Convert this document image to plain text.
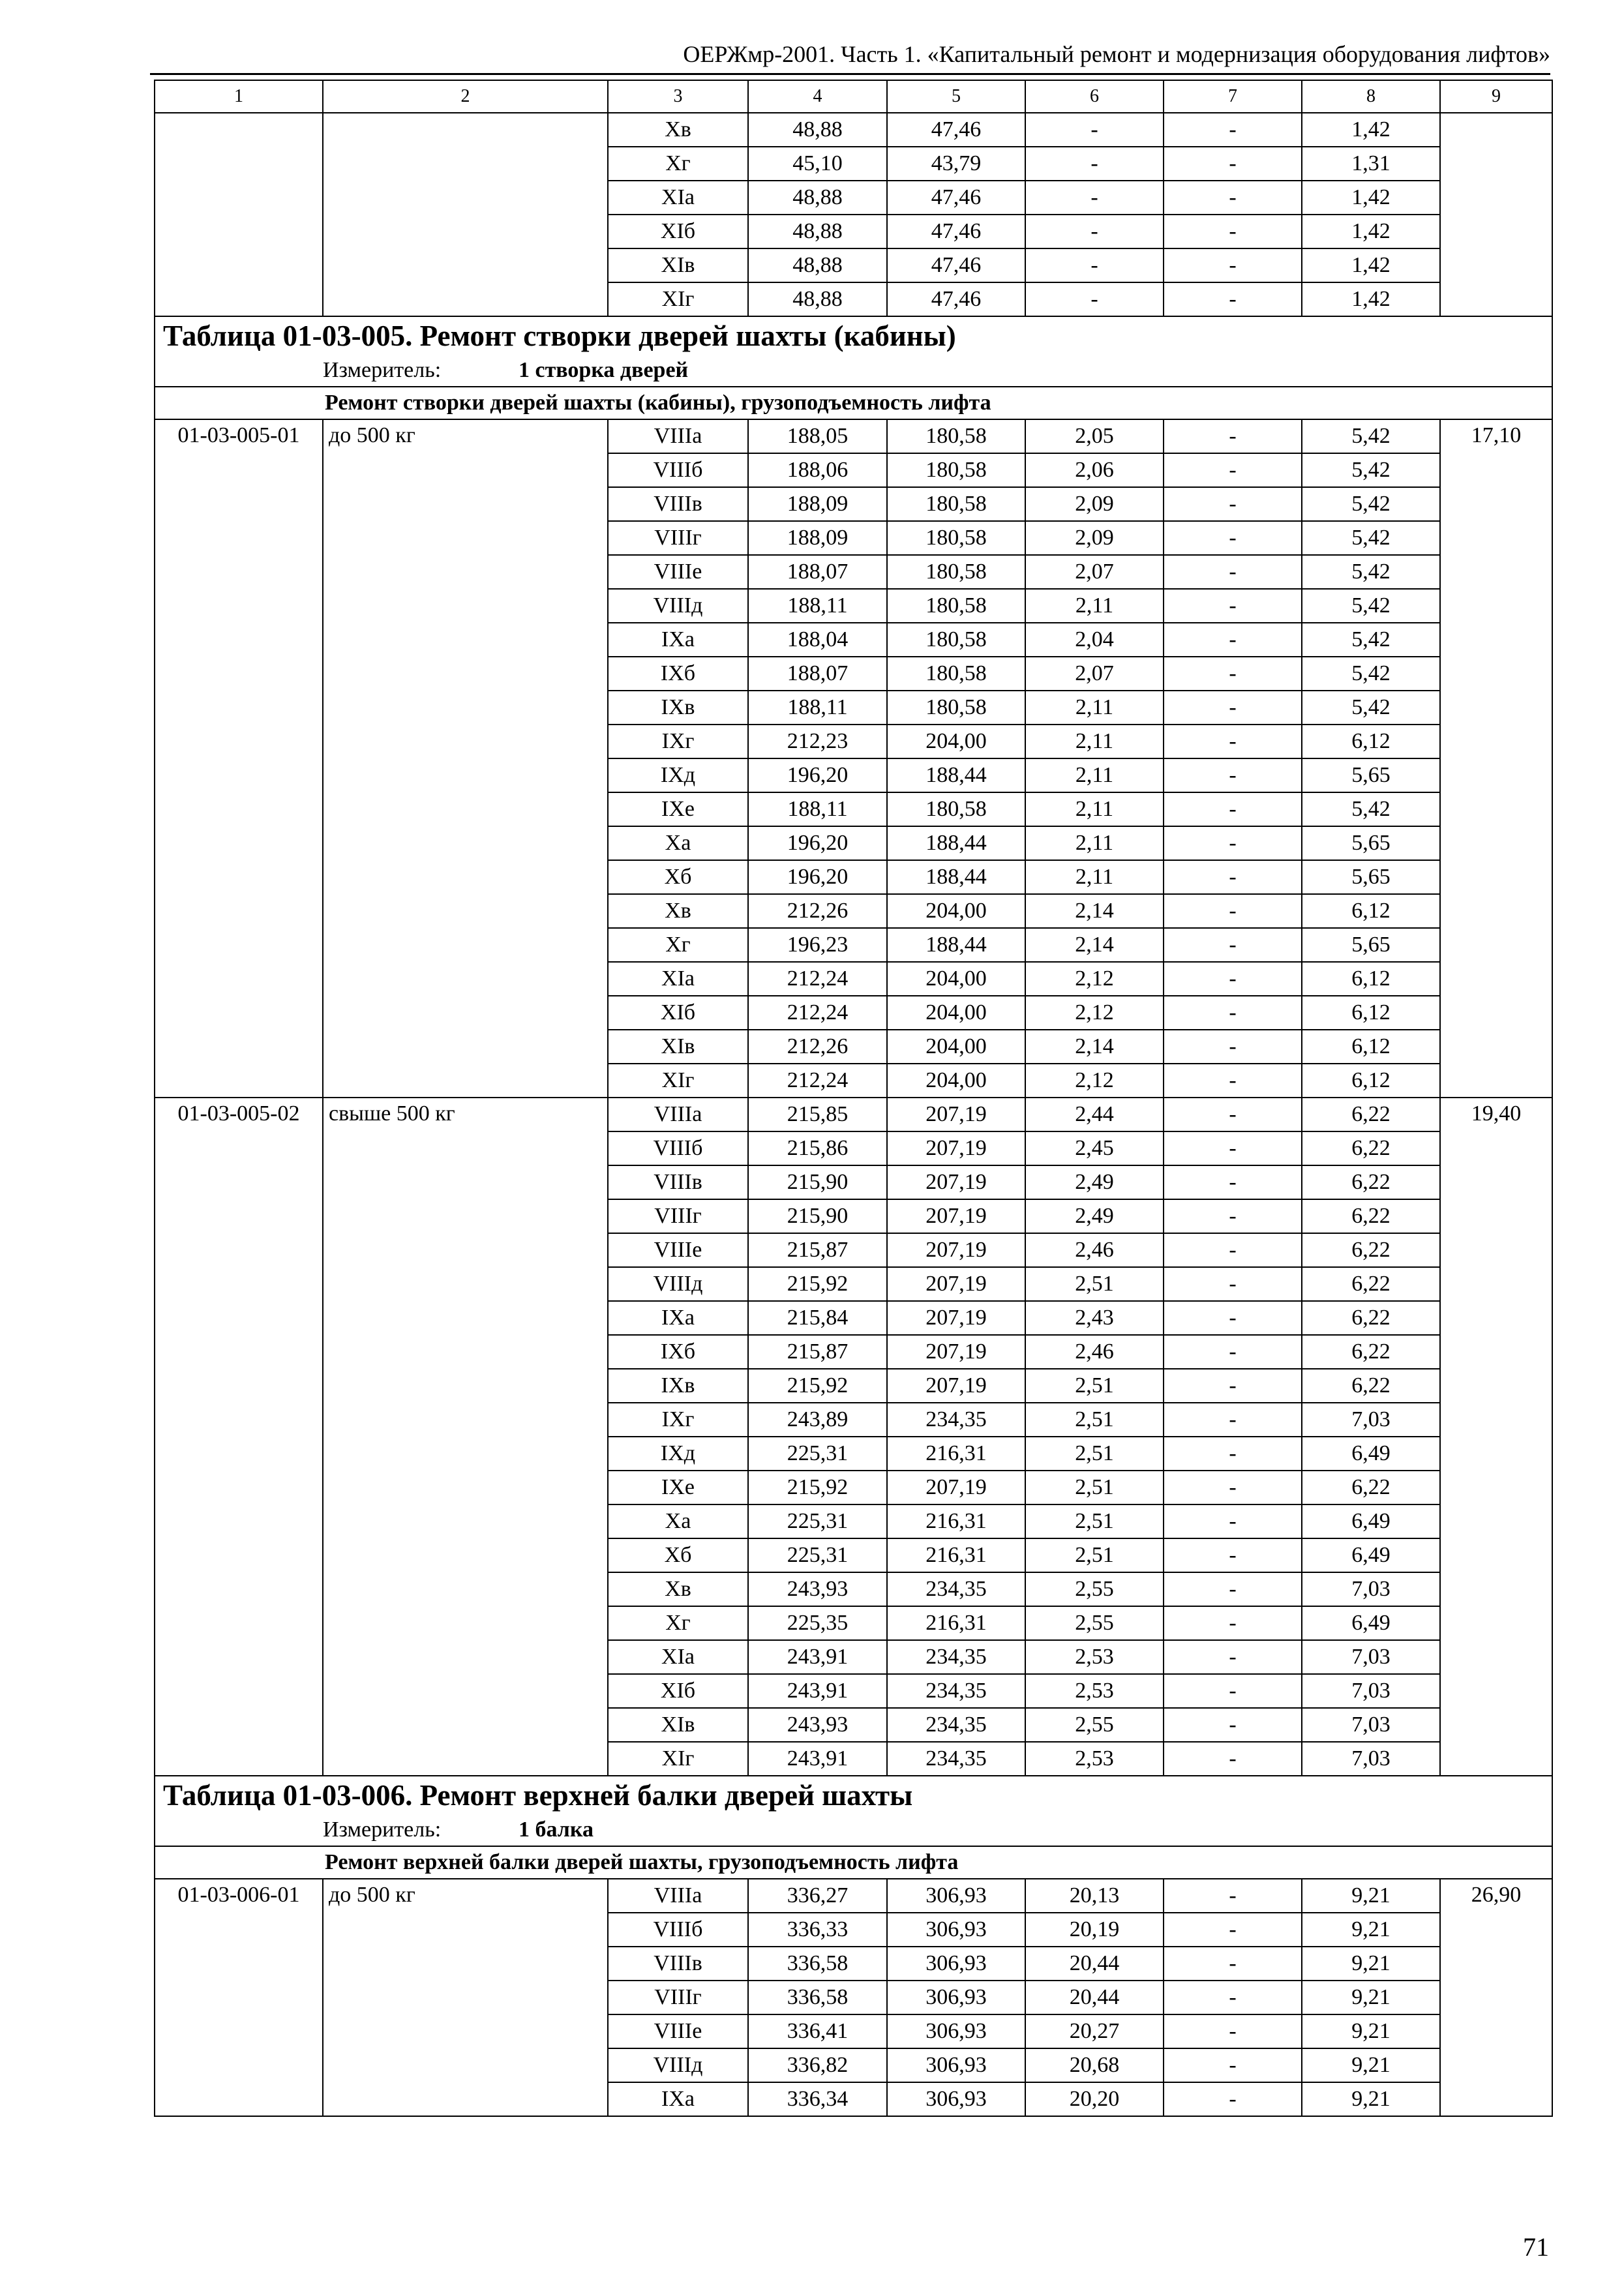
ОЕРЖмр-2001. Часть 1. «Капитальный ремонт и модернизация оборудования лифтов»
1	2	3	4	5	6	7	8	9
		Хв	48,88	47,46	-	-	1,42	
		Хг	45,10	43,79	-	-	1,31	
		ХIа	48,88	47,46	-	-	1,42	
		ХIб	48,88	47,46	-	-	1,42	
		ХIв	48,88	47,46	-	-	1,42	
		ХIг	48,88	47,46	-	-	1,42	
Таблица 01-03-005. Ремонт створки дверей шахты (кабины)								
Измеритель: 1 створка дверей								
Ремонт створки дверей шахты (кабины), грузоподъемность лифта								
01-03-005-01	до 500 кг	VIIIа	188,05	180,58	2,05	-	5,42	17,10
		VIIIб	188,06	180,58	2,06	-	5,42	
		VIIIв	188,09	180,58	2,09	-	5,42	
		VIIIг	188,09	180,58	2,09	-	5,42	
		VIIIе	188,07	180,58	2,07	-	5,42	
		VIIIд	188,11	180,58	2,11	-	5,42	
		IХа	188,04	180,58	2,04	-	5,42	
		IХб	188,07	180,58	2,07	-	5,42	
		IХв	188,11	180,58	2,11	-	5,42	
		IХг	212,23	204,00	2,11	-	6,12	
		IХд	196,20	188,44	2,11	-	5,65	
		IХе	188,11	180,58	2,11	-	5,42	
		Ха	196,20	188,44	2,11	-	5,65	
		Хб	196,20	188,44	2,11	-	5,65	
		Хв	212,26	204,00	2,14	-	6,12	
		Хг	196,23	188,44	2,14	-	5,65	
		ХIа	212,24	204,00	2,12	-	6,12	
		ХIб	212,24	204,00	2,12	-	6,12	
		ХIв	212,26	204,00	2,14	-	6,12	
		ХIг	212,24	204,00	2,12	-	6,12	
01-03-005-02	свыше 500 кг	VIIIа	215,85	207,19	2,44	-	6,22	19,40
		VIIIб	215,86	207,19	2,45	-	6,22	
		VIIIв	215,90	207,19	2,49	-	6,22	
		VIIIг	215,90	207,19	2,49	-	6,22	
		VIIIе	215,87	207,19	2,46	-	6,22	
		VIIIд	215,92	207,19	2,51	-	6,22	
		IХа	215,84	207,19	2,43	-	6,22	
		IХб	215,87	207,19	2,46	-	6,22	
		IХв	215,92	207,19	2,51	-	6,22	
		IХг	243,89	234,35	2,51	-	7,03	
		IХд	225,31	216,31	2,51	-	6,49	
		IХе	215,92	207,19	2,51	-	6,22	
		Ха	225,31	216,31	2,51	-	6,49	
		Хб	225,31	216,31	2,51	-	6,49	
		Хв	243,93	234,35	2,55	-	7,03	
		Хг	225,35	216,31	2,55	-	6,49	
		ХIа	243,91	234,35	2,53	-	7,03	
		ХIб	243,91	234,35	2,53	-	7,03	
		ХIв	243,93	234,35	2,55	-	7,03	
		ХIг	243,91	234,35	2,53	-	7,03	
Таблица 01-03-006. Ремонт верхней балки дверей шахты								
Измеритель: 1 балка								
Ремонт верхней балки дверей шахты, грузоподъемность лифта								
01-03-006-01	до 500 кг	VIIIа	336,27	306,93	20,13	-	9,21	26,90
		VIIIб	336,33	306,93	20,19	-	9,21	
		VIIIв	336,58	306,93	20,44	-	9,21	
		VIIIг	336,58	306,93	20,44	-	9,21	
		VIIIе	336,41	306,93	20,27	-	9,21	
		VIIIд	336,82	306,93	20,68	-	9,21	
		IХа	336,34	306,93	20,20	-	9,21	
71
